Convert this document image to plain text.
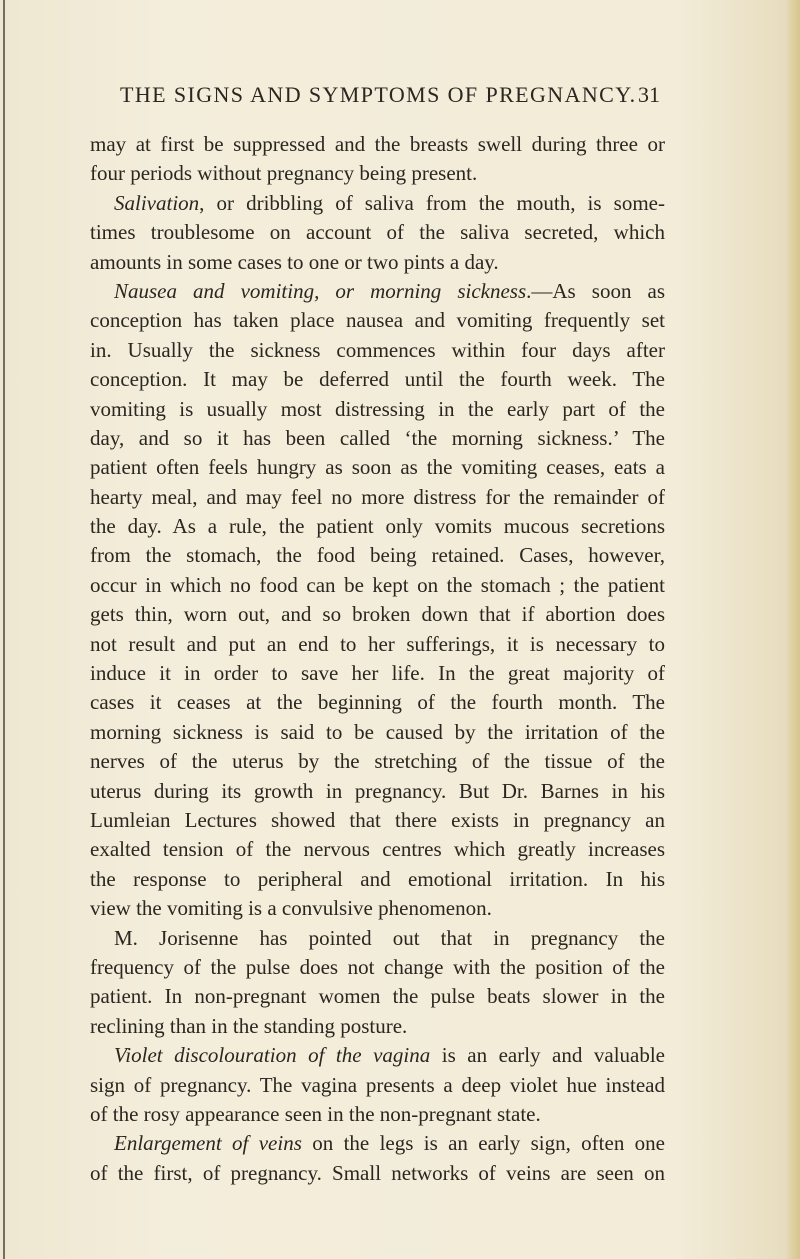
THE SIGNS AND SYMPTOMS OF PREGNANCY. 31
may at first be suppressed and the breasts swell during three or
four periods without pregnancy being present.
Salivation, or dribbling of saliva from the mouth, is some-
times troublesome on account of the saliva secreted, which
amounts in some cases to one or two pints a day.
Nausea and vomiting, or morning sickness.—As soon as
conception has taken place nausea and vomiting frequently set
in. Usually the sickness commences within four days after
conception. It may be deferred until the fourth week. The
vomiting is usually most distressing in the early part of the
day, and so it has been called ‘the morning sickness.’ The
patient often feels hungry as soon as the vomiting ceases, eats a
hearty meal, and may feel no more distress for the remainder of
the day. As a rule, the patient only vomits mucous secretions
from the stomach, the food being retained. Cases, however,
occur in which no food can be kept on the stomach ; the patient
gets thin, worn out, and so broken down that if abortion does
not result and put an end to her sufferings, it is necessary to
induce it in order to save her life. In the great majority of
cases it ceases at the beginning of the fourth month. The
morning sickness is said to be caused by the irritation of the
nerves of the uterus by the stretching of the tissue of the
uterus during its growth in pregnancy. But Dr. Barnes in his
Lumleian Lectures showed that there exists in pregnancy an
exalted tension of the nervous centres which greatly increases
the response to peripheral and emotional irritation. In his
view the vomiting is a convulsive phenomenon.
M. Jorisenne has pointed out that in pregnancy the
frequency of the pulse does not change with the position of the
patient. In non-pregnant women the pulse beats slower in the
reclining than in the standing posture.
Violet discolouration of the vagina is an early and valuable
sign of pregnancy. The vagina presents a deep violet hue instead
of the rosy appearance seen in the non-pregnant state.
Enlargement of veins on the legs is an early sign, often one
of the first, of pregnancy. Small networks of veins are seen on
